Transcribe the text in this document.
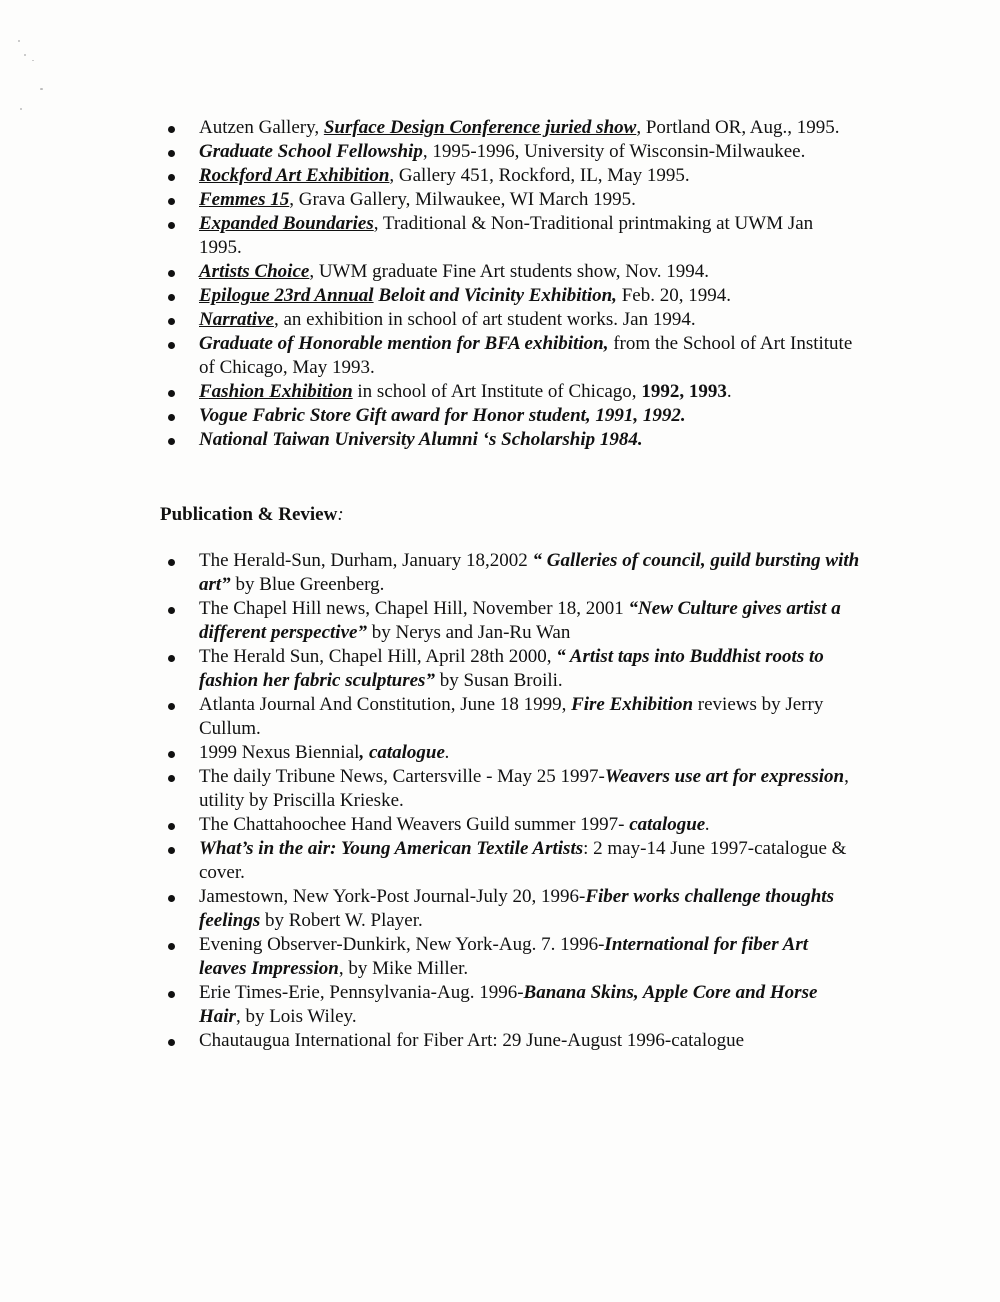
Autzen Gallery, Surface Design Conference juried show, Portland OR, Aug., 1995.
Graduate School Fellowship, 1995-1996, University of Wisconsin-Milwaukee.
Rockford Art Exhibition, Gallery 451, Rockford, IL, May 1995.
Femmes 15, Grava Gallery, Milwaukee, WI March 1995.
Expanded Boundaries, Traditional & Non-Traditional printmaking at UWM Jan 1995.
Artists Choice, UWM graduate Fine Art students show, Nov. 1994.
Epilogue 23rd Annual Beloit and Vicinity Exhibition, Feb. 20, 1994.
Narrative, an exhibition in school of art student works. Jan 1994.
Graduate of Honorable mention for BFA exhibition, from the School of Art Institute of Chicago, May 1993.
Fashion Exhibition in school of Art Institute of Chicago, 1992, 1993.
Vogue Fabric Store Gift award for Honor student, 1991, 1992.
National Taiwan University Alumni ‘s Scholarship 1984.
Publication & Review:
The Herald-Sun, Durham, January 18,2002 “ Galleries of council, guild bursting with art” by Blue Greenberg.
The Chapel Hill news, Chapel Hill, November 18, 2001 “New Culture gives artist a different perspective” by Nerys and Jan-Ru Wan
The Herald Sun, Chapel Hill, April 28th 2000, “ Artist taps into Buddhist roots to fashion her fabric sculptures” by Susan Broili.
Atlanta Journal And Constitution, June 18 1999, Fire Exhibition reviews by Jerry Cullum.
1999 Nexus Biennial, catalogue.
The daily Tribune News, Cartersville - May 25 1997-Weavers use art for expression, utility by Priscilla Krieske.
The Chattahoochee Hand Weavers Guild summer 1997- catalogue.
What’s in the air: Young American Textile Artists: 2 may-14 June 1997-catalogue & cover.
Jamestown, New York-Post Journal-July 20, 1996-Fiber works challenge thoughts feelings by Robert W. Player.
Evening Observer-Dunkirk, New York-Aug. 7. 1996-International for fiber Art leaves Impression, by Mike Miller.
Erie Times-Erie, Pennsylvania-Aug. 1996-Banana Skins, Apple Core and Horse Hair, by Lois Wiley.
Chautaugua International for Fiber Art: 29 June-August 1996-catalogue
